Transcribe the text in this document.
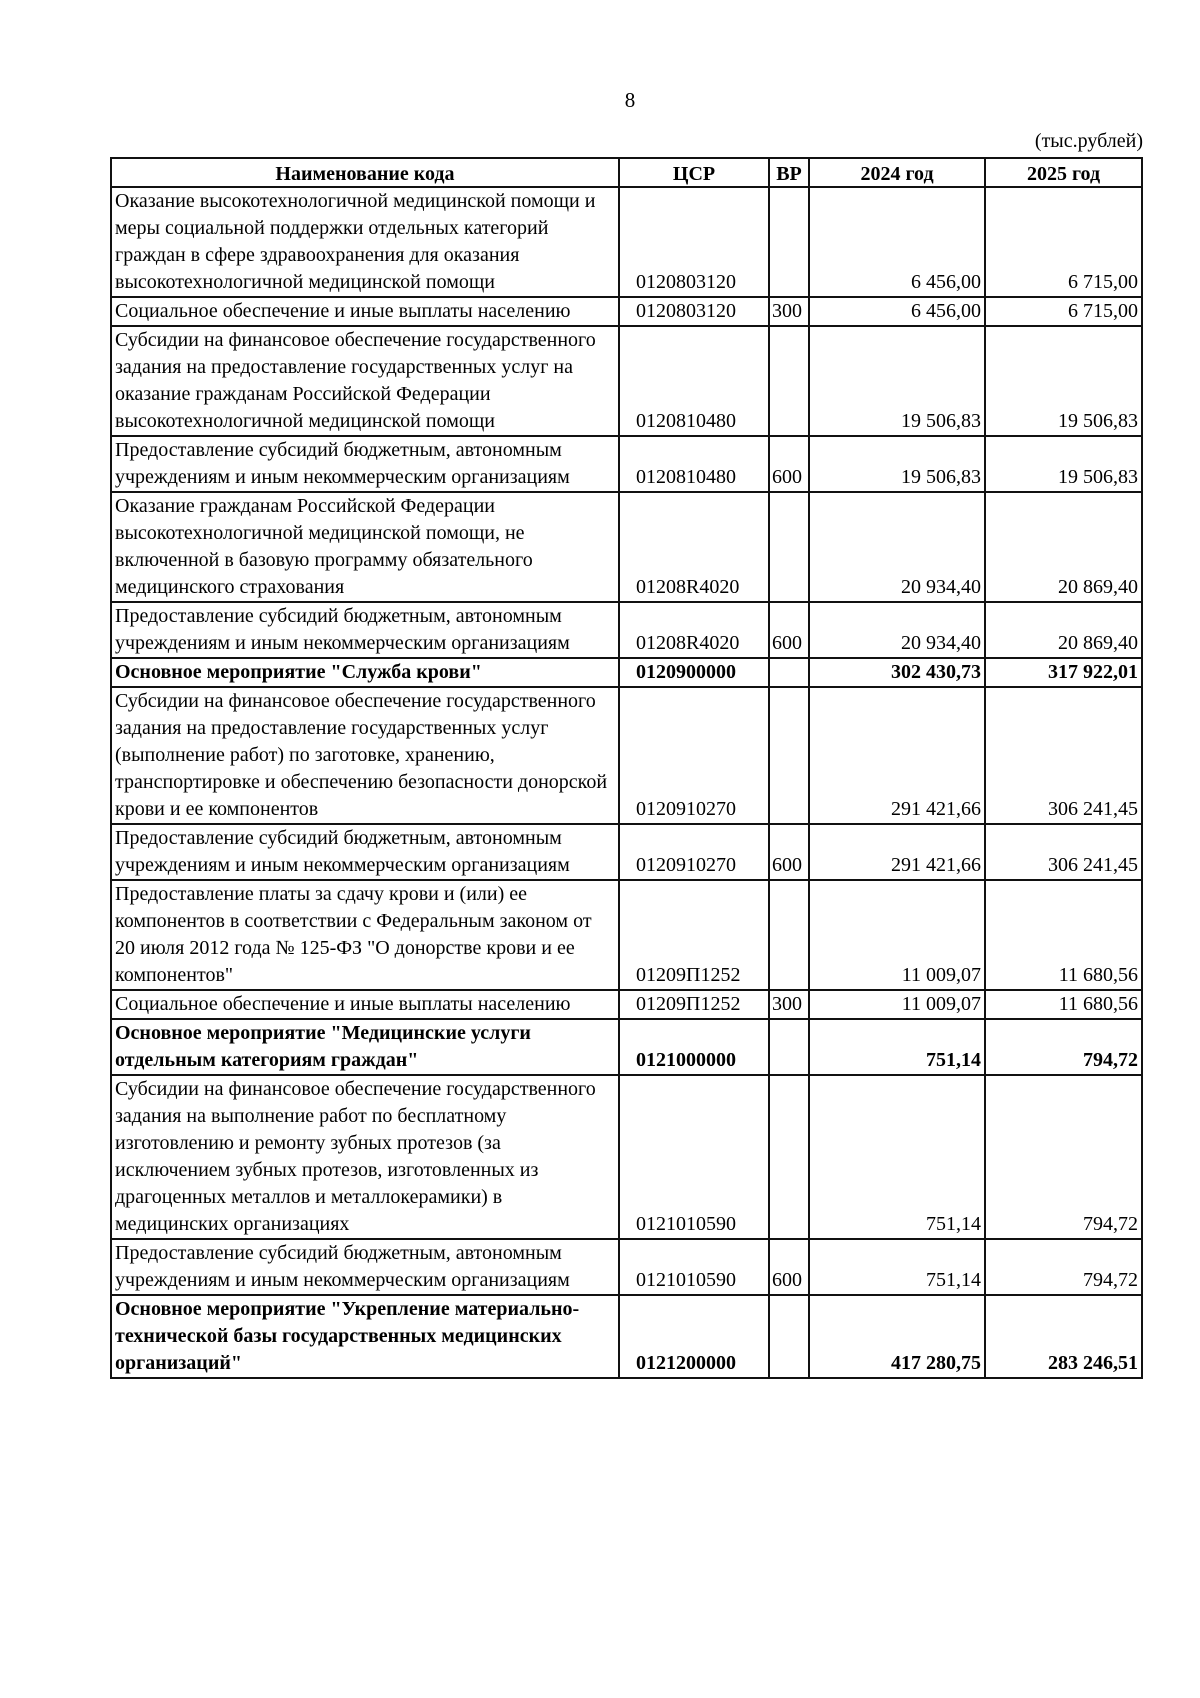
8
(тыс.рублей)
Наименование кода	ЦСР	ВР	2024 год	2025 год
Оказание высокотехнологичной медицинской помощи и меры социальной поддержки отдельных категорий граждан в сфере здравоохранения для оказания высокотехнологичной медицинской помощи	0120803120		6 456,00	6 715,00
Социальное обеспечение и иные выплаты населению	0120803120	300	6 456,00	6 715,00
Субсидии на финансовое обеспечение государственного задания на предоставление государственных услуг на оказание гражданам Российской Федерации высокотехнологичной медицинской помощи	0120810480		19 506,83	19 506,83
Предоставление субсидий бюджетным, автономным учреждениям и иным некоммерческим организациям	0120810480	600	19 506,83	19 506,83
Оказание гражданам Российской Федерации высокотехнологичной медицинской помощи, не включенной в базовую программу обязательного медицинского страхования	01208R4020		20 934,40	20 869,40
Предоставление субсидий бюджетным, автономным учреждениям и иным некоммерческим организациям	01208R4020	600	20 934,40	20 869,40
Основное мероприятие "Служба крови"	0120900000		302 430,73	317 922,01
Субсидии на финансовое обеспечение государственного задания на предоставление государственных услуг (выполнение работ) по заготовке, хранению, транспортировке и обеспечению безопасности донорской крови и ее компонентов	0120910270		291 421,66	306 241,45
Предоставление субсидий бюджетным, автономным учреждениям и иным некоммерческим организациям	0120910270	600	291 421,66	306 241,45
Предоставление платы за сдачу крови и (или) ее компонентов в соответствии с Федеральным законом от 20 июля 2012 года № 125-ФЗ "О донорстве крови и ее компонентов"	01209П1252		11 009,07	11 680,56
Социальное обеспечение и иные выплаты населению	01209П1252	300	11 009,07	11 680,56
Основное мероприятие "Медицинские услуги отдельным категориям граждан"	0121000000		751,14	794,72
Субсидии на финансовое обеспечение государственного задания на выполнение работ по бесплатному изготовлению и ремонту зубных протезов (за исключением зубных протезов, изготовленных из драгоценных металлов и металлокерамики) в медицинских организациях	0121010590		751,14	794,72
Предоставление субсидий бюджетным, автономным учреждениям и иным некоммерческим организациям	0121010590	600	751,14	794,72
Основное мероприятие "Укрепление материально-технической базы государственных медицинских организаций"	0121200000		417 280,75	283 246,51
